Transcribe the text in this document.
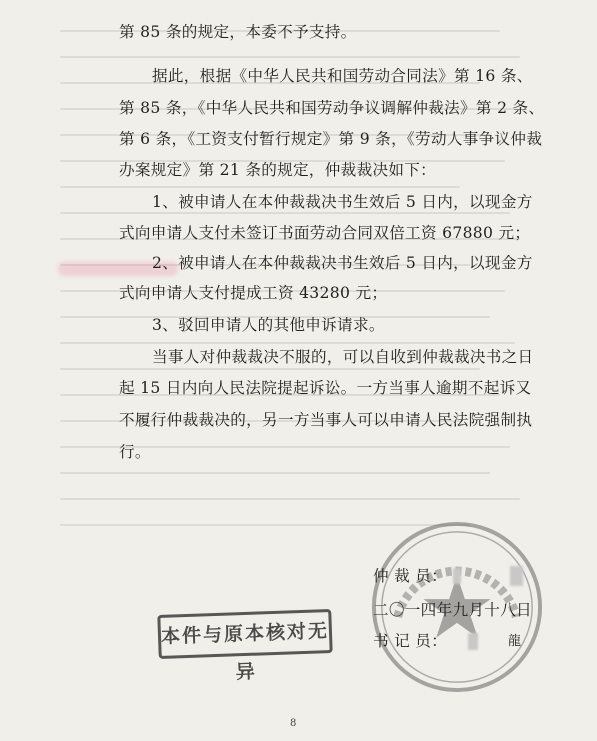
第 85 条的规定，本委不予支持。
据此，根据《中华人民共和国劳动合同法》第 16 条、
第 85 条，《中华人民共和国劳动争议调解仲裁法》第 2 条、
第 6 条，《工资支付暂行规定》第 9 条，《劳动人事争议仲裁
办案规定》第 21 条的规定，仲裁裁决如下：
1、被申请人在本仲裁裁决书生效后 5 日内，以现金方
式向申请人支付未签订书面劳动合同双倍工资 67880 元；
2、被申请人在本仲裁裁决书生效后 5 日内，以现金方
式向申请人支付提成工资 43280 元；
3、驳回申请人的其他申诉请求。
当事人对仲裁裁决不服的，可以自收到仲裁裁决书之日
起 15 日内向人民法院提起诉讼。一方当事人逾期不起诉又
不履行仲裁裁决的，另一方当事人可以申请人民法院强制执
行。
仲 裁 员：
二〇一四年九月十八日
书 记 员：	龍
本件与原本核对无异
8
